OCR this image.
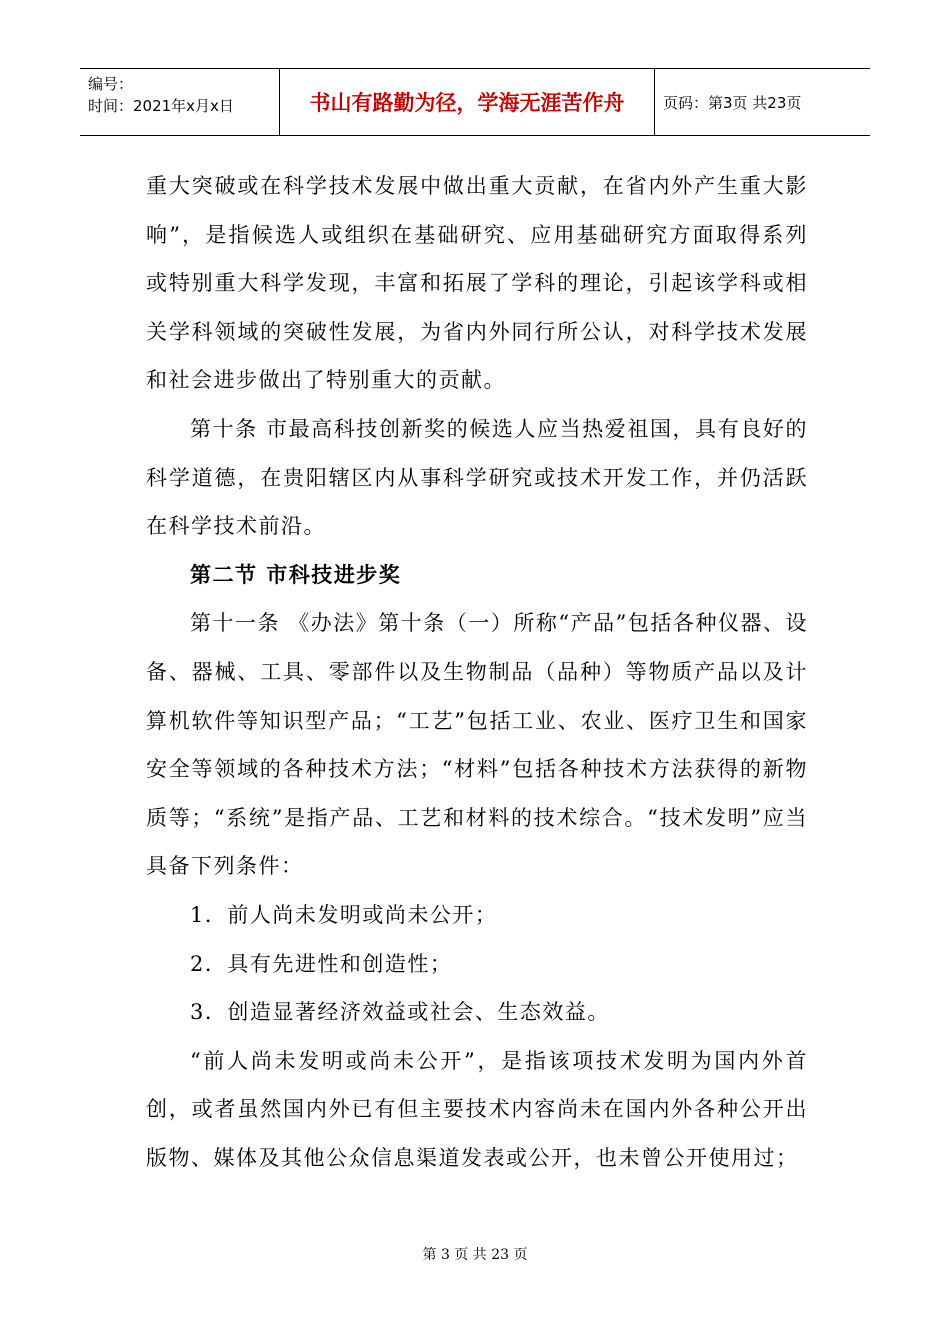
编号：
时间：2021年x月x日	书山有路勤为径，学海无涯苦作舟	页码：第3页 共23页

重大突破或在科学技术发展中做出重大贡献，在省内外产生重大影响”，是指候选人或组织在基础研究、应用基础研究方面取得系列或特别重大科学发现，丰富和拓展了学科的理论，引起该学科或相关学科领域的突破性发展，为省内外同行所公认，对科学技术发展和社会进步做出了特别重大的贡献。

第十条 市最高科技创新奖的候选人应当热爱祖国，具有良好的科学道德，在贵阳辖区内从事科学研究或技术开发工作，并仍活跃在科学技术前沿。

第二节 市科技进步奖

第十一条 《办法》第十条（一）所称“产品”包括各种仪器、设备、器械、工具、零部件以及生物制品（品种）等物质产品以及计算机软件等知识型产品；“工艺”包括工业、农业、医疗卫生和国家安全等领域的各种技术方法；“材料”包括各种技术方法获得的新物质等；“系统”是指产品、工艺和材料的技术综合。“技术发明”应当具备下列条件：

1．前人尚未发明或尚未公开；

2．具有先进性和创造性；

3．创造显著经济效益或社会、生态效益。

“前人尚未发明或尚未公开”，是指该项技术发明为国内外首创，或者虽然国内外已有但主要技术内容尚未在国内外各种公开出版物、媒体及其他公众信息渠道发表或公开，也未曾公开使用过；

第 3 页 共 23 页
